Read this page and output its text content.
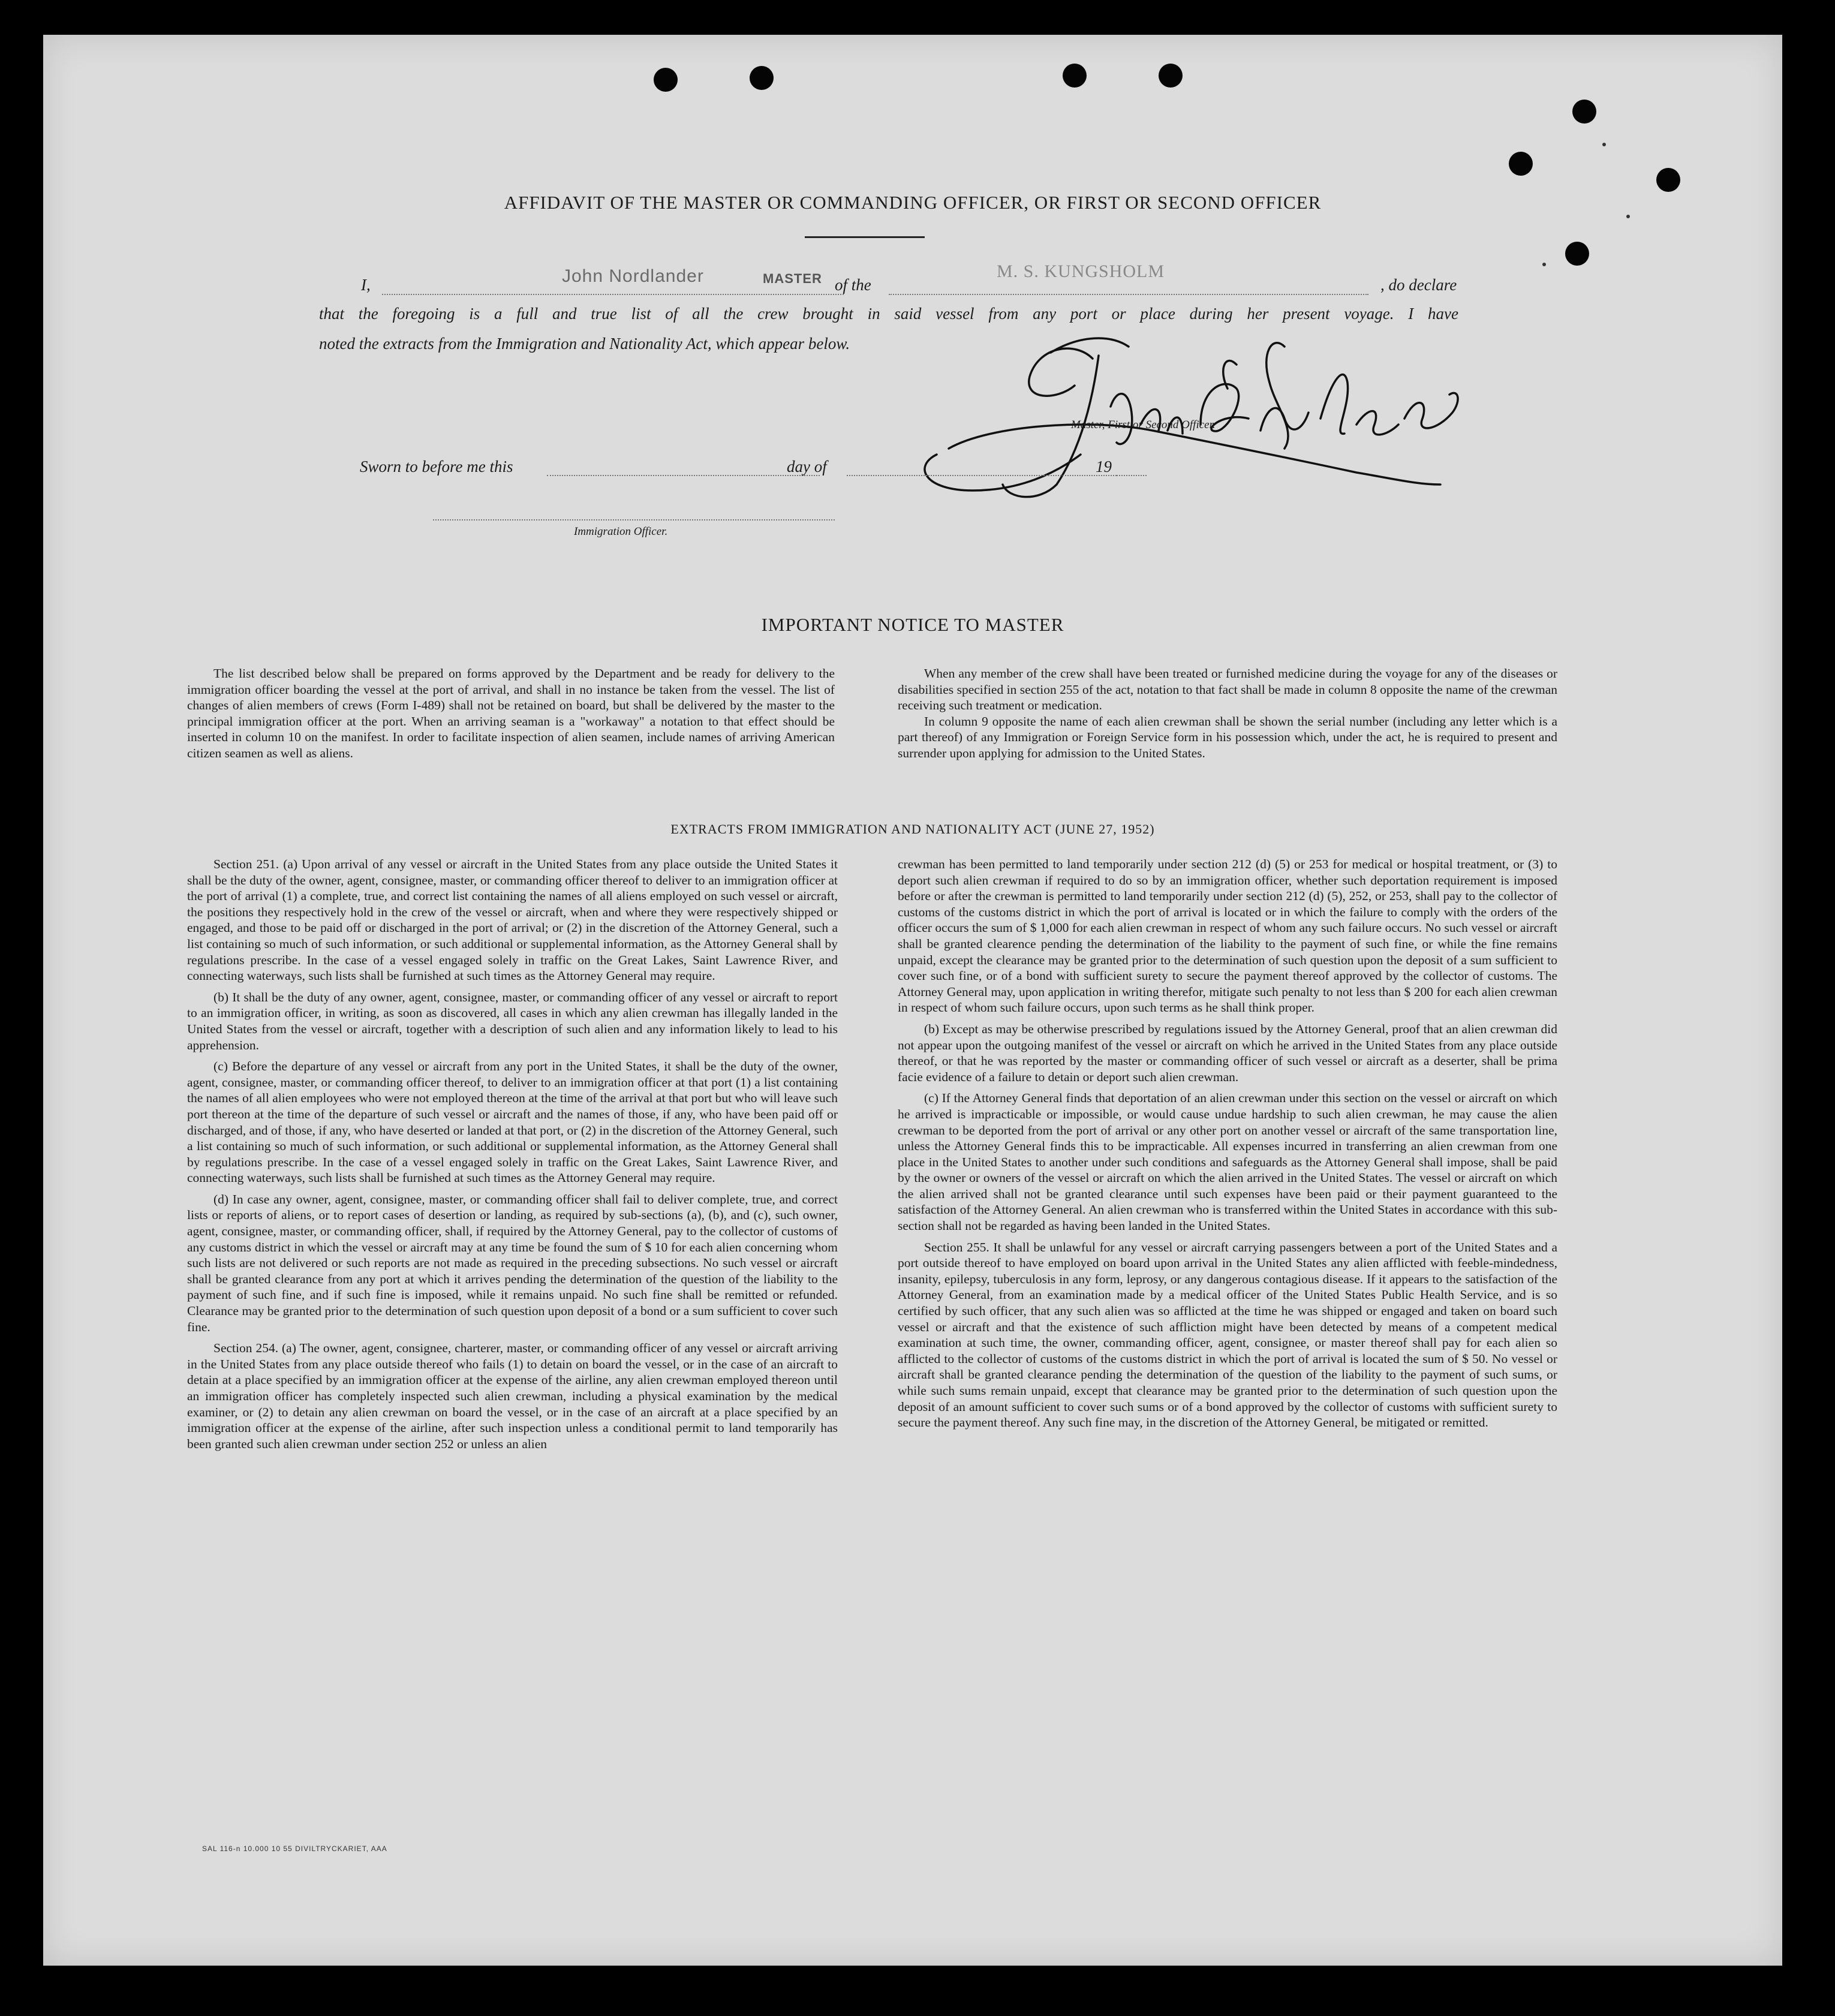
AFFIDAVIT OF THE MASTER OR COMMANDING OFFICER, OR FIRST OR SECOND OFFICER
I,	John Nordlander	MASTER of the
M. S. KUNGSHOLM
, do declare
that the foregoing is a full and true list of all the crew brought in said vessel from any port or place during her present voyage. I have
noted the extracts from the Immigration and Nationality Act, which appear below.
Master, First or Second Officer.
Sworn to before me this	day of	19
Immigration Officer.
IMPORTANT NOTICE TO MASTER

The list described below shall be prepared on forms approved by the Department and be ready for delivery to the immigration officer boarding the vessel at the port of arrival, and shall in no instance be taken from the vessel. The list of changes of alien members of crews (Form I-489) shall not be retained on board, but shall be delivered by the master to the principal immigration officer at the port. When an arriving seaman is a "workaway" a notation to that effect should be inserted in column 10 on the manifest. In order to facilitate inspection of alien seamen, include names of arriving American citizen seamen as well as aliens.

When any member of the crew shall have been treated or furnished medicine during the voyage for any of the diseases or disabilities specified in section 255 of the act, notation to that fact shall be made in column 8 opposite the name of the crewman receiving such treatment or medication.

In column 9 opposite the name of each alien crewman shall be shown the serial number (including any letter which is a part thereof) of any Immigration or Foreign Service form in his possession which, under the act, he is required to present and surrender upon applying for admission to the United States.

EXTRACTS FROM IMMIGRATION AND NATIONALITY ACT (JUNE 27, 1952)

Section 251. (a) Upon arrival of any vessel or aircraft in the United States from any place outside the United States it shall be the duty of the owner, agent, consignee, master, or commanding officer thereof to deliver to an immigration officer at the port of arrival (1) a complete, true, and correct list containing the names of all aliens employed on such vessel or aircraft, the positions they respectively hold in the crew of the vessel or aircraft, when and where they were respectively shipped or engaged, and those to be paid off or discharged in the port of arrival; or (2) in the discretion of the Attorney General, such a list containing so much of such information, or such additional or supplemental information, as the Attorney General shall by regulations prescribe. In the case of a vessel engaged solely in traffic on the Great Lakes, Saint Lawrence River, and connecting waterways, such lists shall be furnished at such times as the Attorney General may require.

(b) It shall be the duty of any owner, agent, consignee, master, or commanding officer of any vessel or aircraft to report to an immigration officer, in writing, as soon as discovered, all cases in which any alien crewman has illegally landed in the United States from the vessel or aircraft, together with a description of such alien and any information likely to lead to his apprehension.

(c) Before the departure of any vessel or aircraft from any port in the United States, it shall be the duty of the owner, agent, consignee, master, or commanding officer thereof, to deliver to an immigration officer at that port (1) a list containing the names of all alien employees who were not employed thereon at the time of the arrival at that port but who will leave such port thereon at the time of the departure of such vessel or aircraft and the names of those, if any, who have been paid off or discharged, and of those, if any, who have deserted or landed at that port, or (2) in the discretion of the Attorney General, such a list containing so much of such information, or such additional or supplemental information, as the Attorney General shall by regulations prescribe. In the case of a vessel engaged solely in traffic on the Great Lakes, Saint Lawrence River, and connecting waterways, such lists shall be furnished at such times as the Attorney General may require.

(d) In case any owner, agent, consignee, master, or commanding officer shall fail to deliver complete, true, and correct lists or reports of aliens, or to report cases of desertion or landing, as required by sub-sections (a), (b), and (c), such owner, agent, consignee, master, or commanding officer, shall, if required by the Attorney General, pay to the collector of customs of any customs district in which the vessel or aircraft may at any time be found the sum of $ 10 for each alien concerning whom such lists are not delivered or such reports are not made as required in the preceding subsections. No such vessel or aircraft shall be granted clearance from any port at which it arrives pending the determination of the question of the liability to the payment of such fine, and if such fine is imposed, while it remains unpaid. No such fine shall be remitted or refunded. Clearance may be granted prior to the determination of such question upon deposit of a bond or a sum sufficient to cover such fine.

Section 254. (a) The owner, agent, consignee, charterer, master, or commanding officer of any vessel or aircraft arriving in the United States from any place outside thereof who fails (1) to detain on board the vessel, or in the case of an aircraft to detain at a place specified by an immigration officer at the expense of the airline, any alien crewman employed thereon until an immigration officer has completely inspected such alien crewman, including a physical examination by the medical examiner, or (2) to detain any alien crewman on board the vessel, or in the case of an aircraft at a place specified by an immigration officer at the expense of the airline, after such inspection unless a conditional permit to land temporarily has been granted such alien crewman under section 252 or unless an alien

crewman has been permitted to land temporarily under section 212 (d) (5) or 253 for medical or hospital treatment, or (3) to deport such alien crewman if required to do so by an immigration officer, whether such deportation requirement is imposed before or after the crewman is permitted to land temporarily under section 212 (d) (5), 252, or 253, shall pay to the collector of customs of the customs district in which the port of arrival is located or in which the failure to comply with the orders of the officer occurs the sum of $ 1,000 for each alien crewman in respect of whom any such failure occurs. No such vessel or aircraft shall be granted clearence pending the determination of the liability to the payment of such fine, or while the fine remains unpaid, except the clearance may be granted prior to the determination of such question upon the deposit of a sum sufficient to cover such fine, or of a bond with sufficient surety to secure the payment thereof approved by the collector of customs. The Attorney General may, upon application in writing therefor, mitigate such penalty to not less than $ 200 for each alien crewman in respect of whom such failure occurs, upon such terms as he shall think proper.

(b) Except as may be otherwise prescribed by regulations issued by the Attorney General, proof that an alien crewman did not appear upon the outgoing manifest of the vessel or aircraft on which he arrived in the United States from any place outside thereof, or that he was reported by the master or commanding officer of such vessel or aircraft as a deserter, shall be prima facie evidence of a failure to detain or deport such alien crewman.

(c) If the Attorney General finds that deportation of an alien crewman under this section on the vessel or aircraft on which he arrived is impracticable or impossible, or would cause undue hardship to such alien crewman, he may cause the alien crewman to be deported from the port of arrival or any other port on another vessel or aircraft of the same transportation line, unless the Attorney General finds this to be impracticable. All expenses incurred in transferring an alien crewman from one place in the United States to another under such conditions and safeguards as the Attorney General shall impose, shall be paid by the owner or owners of the vessel or aircraft on which the alien arrived in the United States. The vessel or aircraft on which the alien arrived shall not be granted clearance until such expenses have been paid or their payment guaranteed to the satisfaction of the Attorney General. An alien crewman who is transferred within the United States in accordance with this sub-section shall not be regarded as having been landed in the United States.

Section 255. It shall be unlawful for any vessel or aircraft carrying passengers between a port of the United States and a port outside thereof to have employed on board upon arrival in the United States any alien afflicted with feeble-mindedness, insanity, epilepsy, tuberculosis in any form, leprosy, or any dangerous contagious disease. If it appears to the satisfaction of the Attorney General, from an examination made by a medical officer of the United States Public Health Service, and is so certified by such officer, that any such alien was so afflicted at the time he was shipped or engaged and taken on board such vessel or aircraft and that the existence of such affliction might have been detected by means of a competent medical examination at such time, the owner, commanding officer, agent, consignee, or master thereof shall pay for each alien so afflicted to the collector of customs of the customs district in which the port of arrival is located the sum of $ 50. No vessel or aircraft shall be granted clearance pending the determination of the question of the liability to the payment of such sums, or while such sums remain unpaid, except that clearance may be granted prior to the determination of such question upon the deposit of an amount sufficient to cover such sums or of a bond approved by the collector of customs with sufficient surety to secure the payment thereof. Any such fine may, in the discretion of the Attorney General, be mitigated or remitted.

SAL 116-n 10.000 10 55 DIVILTRYCKARIET, AAA
